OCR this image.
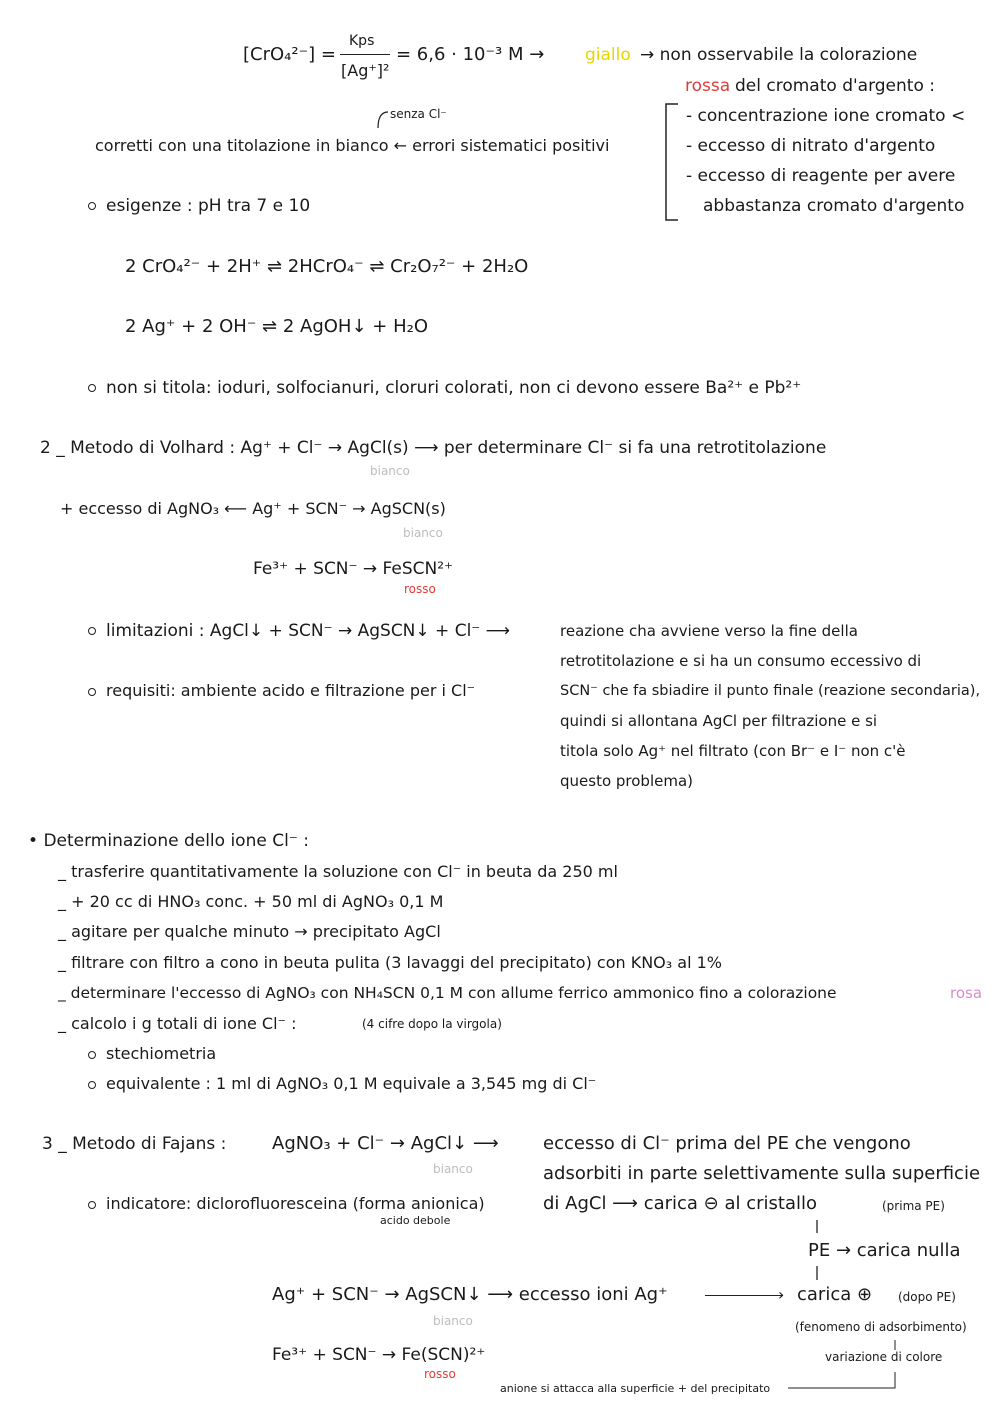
[CrO₄²⁻] =
Kps
[Ag⁺]²
= 6,6 · 10⁻³ M → giallo → non osservabile la colorazione
rossa del cromato d'argento :
senza Cl⁻
corretti con una titolazione in bianco ← errori sistematici positivi
- concentrazione ione cromato <
- eccesso di nitrato d'argento
- eccesso di reagente per avere
abbastanza cromato d'argento
esigenze : pH tra 7 e 10
2 CrO₄²⁻ + 2H⁺ ⇌ 2HCrO₄⁻ ⇌ Cr₂O₇²⁻ + 2H₂O
2 Ag⁺ + 2 OH⁻ ⇌ 2 AgOH↓ + H₂O
non si titola: ioduri, solfocianuri, cloruri colorati, non ci devono essere Ba²⁺ e Pb²⁺
2 _ Metodo di Volhard : Ag⁺ + Cl⁻ → AgCl(s) ⟶ per determinare Cl⁻ si fa una retrotitolazione
bianco
+ eccesso di AgNO₃ ⟵ Ag⁺ + SCN⁻ → AgSCN(s)
bianco
Fe³⁺ + SCN⁻ → FeSCN²⁺
rosso
limitazioni : AgCl↓ + SCN⁻ → AgSCN↓ + Cl⁻ ⟶
requisiti: ambiente acido e filtrazione per i Cl⁻
reazione cha avviene verso la fine della
retrotitolazione e si ha un consumo eccessivo di
SCN⁻ che fa sbiadire il punto finale (reazione secondaria),
quindi si allontana AgCl per filtrazione e si
titola solo Ag⁺ nel filtrato (con Br⁻ e I⁻ non c'è
questo problema)
• Determinazione dello ione Cl⁻ :
_ trasferire quantitativamente la soluzione con Cl⁻ in beuta da 250 ml
_ + 20 cc di HNO₃ conc. + 50 ml di AgNO₃ 0,1 M
_ agitare per qualche minuto → precipitato AgCl
_ filtrare con filtro a cono in beuta pulita (3 lavaggi del precipitato) con KNO₃ al 1%
_ determinare l'eccesso di AgNO₃ con NH₄SCN 0,1 M con allume ferrico ammonico fino a colorazione	rosa
_ calcolo i g totali di ione Cl⁻ :	(4 cifre dopo la virgola)
stechiometria
equivalente : 1 ml di AgNO₃ 0,1 M equivale a 3,545 mg di Cl⁻
3 _ Metodo di Fajans :	AgNO₃ + Cl⁻ → AgCl↓ ⟶
bianco
eccesso di Cl⁻ prima del PE che vengono
adsorbiti in parte selettivamente sulla superficie
di AgCl ⟶ carica ⊖ al cristallo	(prima PE)
indicatore: diclorofluoresceina (forma anionica)
acido debole
PE → carica nulla
Ag⁺ + SCN⁻ → AgSCN↓ ⟶ eccesso ioni Ag⁺	›
bianco
carica ⊕ (dopo PE)
(fenomeno di adsorbimento)
Fe³⁺ + SCN⁻ → Fe(SCN)²⁺
rosso
variazione di colore
anione si attacca alla superficie + del precipitato
